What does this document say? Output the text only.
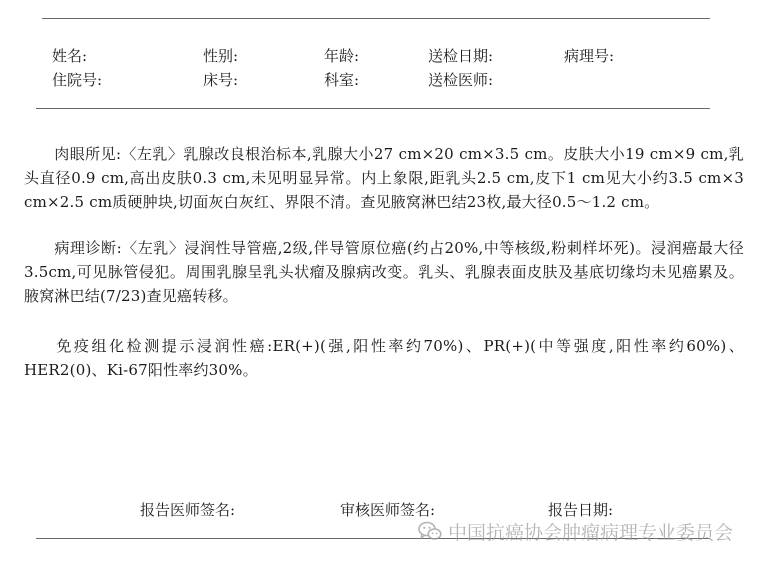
姓名:	性别:	年龄:	送检日期:	病理号:
住院号:	床号:	科室:	送检医师:
肉眼所见:〈左乳〉乳腺改良根治标本,乳腺大小27 cm×20 cm×3.5 cm。皮肤大小19 cm×9 cm,乳头直径0.9 cm,高出皮肤0.3 cm,未见明显异常。内上象限,距乳头2.5 cm,皮下1 cm见大小约3.5 cm×3 cm×2.5 cm质硬肿块,切面灰白灰红、界限不清。查见腋窝淋巴结23枚,最大径0.5～1.2 cm。
病理诊断:〈左乳〉浸润性导管癌,2级,伴导管原位癌(约占20%,中等核级,粉刺样坏死)。浸润癌最大径3.5cm,可见脉管侵犯。周围乳腺呈乳头状瘤及腺病改变。乳头、乳腺表面皮肤及基底切缘均未见癌累及。腋窝淋巴结(7/23)查见癌转移。
免疫组化检测提示浸润性癌:ER(+)(强,阳性率约70%)、PR(+)(中等强度,阳性率约60%)、HER2(0)、Ki-67阳性率约30%。
报告医师签名:	审核医师签名:	报告日期:
中国抗癌协会肿瘤病理专业委员会
